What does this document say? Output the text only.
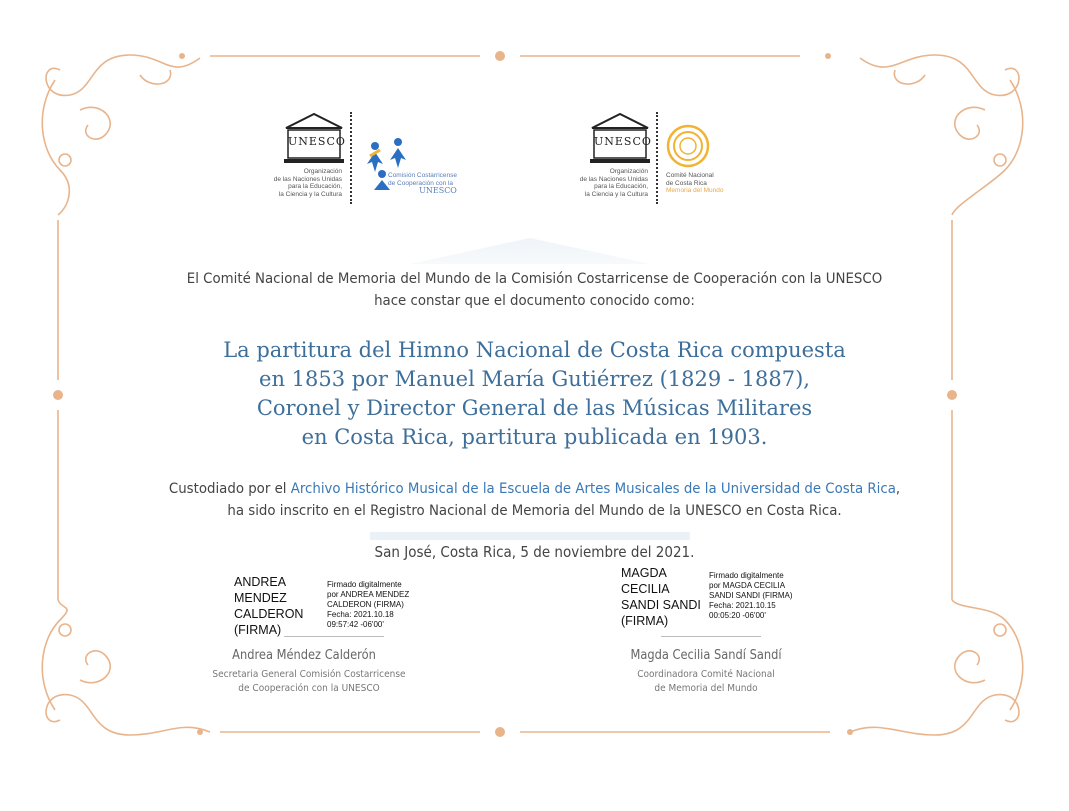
UNESCO
Organización
de las Naciones Unidas
para la Educación,
la Ciencia y la Cultura
Comisión Costarricense
de Cooperación con la
UNESCO
UNESCO
Organización
de las Naciones Unidas
para la Educación,
la Ciencia y la Cultura
Comité Nacional
de Costa Rica
Memoria del Mundo
El Comité Nacional de Memoria del Mundo de la Comisión Costarricense de Cooperación con la UNESCO
hace constar que el documento conocido como:
La partitura del Himno Nacional de Costa Rica compuesta
en 1853 por Manuel María Gutiérrez (1829 - 1887),
Coronel y Director General de las Músicas Militares
en Costa Rica, partitura publicada en 1903.
Custodiado por el Archivo Histórico Musical de la Escuela de Artes Musicales de la Universidad de Costa Rica,
ha sido inscrito en el Registro Nacional de Memoria del Mundo de la UNESCO en Costa Rica.
San José, Costa Rica, 5 de noviembre del 2021.
ANDREA
MENDEZ
CALDERON
(FIRMA)
Firmado digitalmente
por ANDREA MENDEZ
CALDERON (FIRMA)
Fecha: 2021.10.18
09:57:42 -06'00'
Andrea Méndez Calderón
Secretaria General Comisión Costarricense
de Cooperación con la UNESCO
MAGDA
CECILIA
SANDI SANDI
(FIRMA)
Firmado digitalmente
por MAGDA CECILIA
SANDI SANDI (FIRMA)
Fecha: 2021.10.15
00:05:20 -06'00'
Magda Cecilia Sandí Sandí
Coordinadora Comité Nacional
de Memoria del Mundo
